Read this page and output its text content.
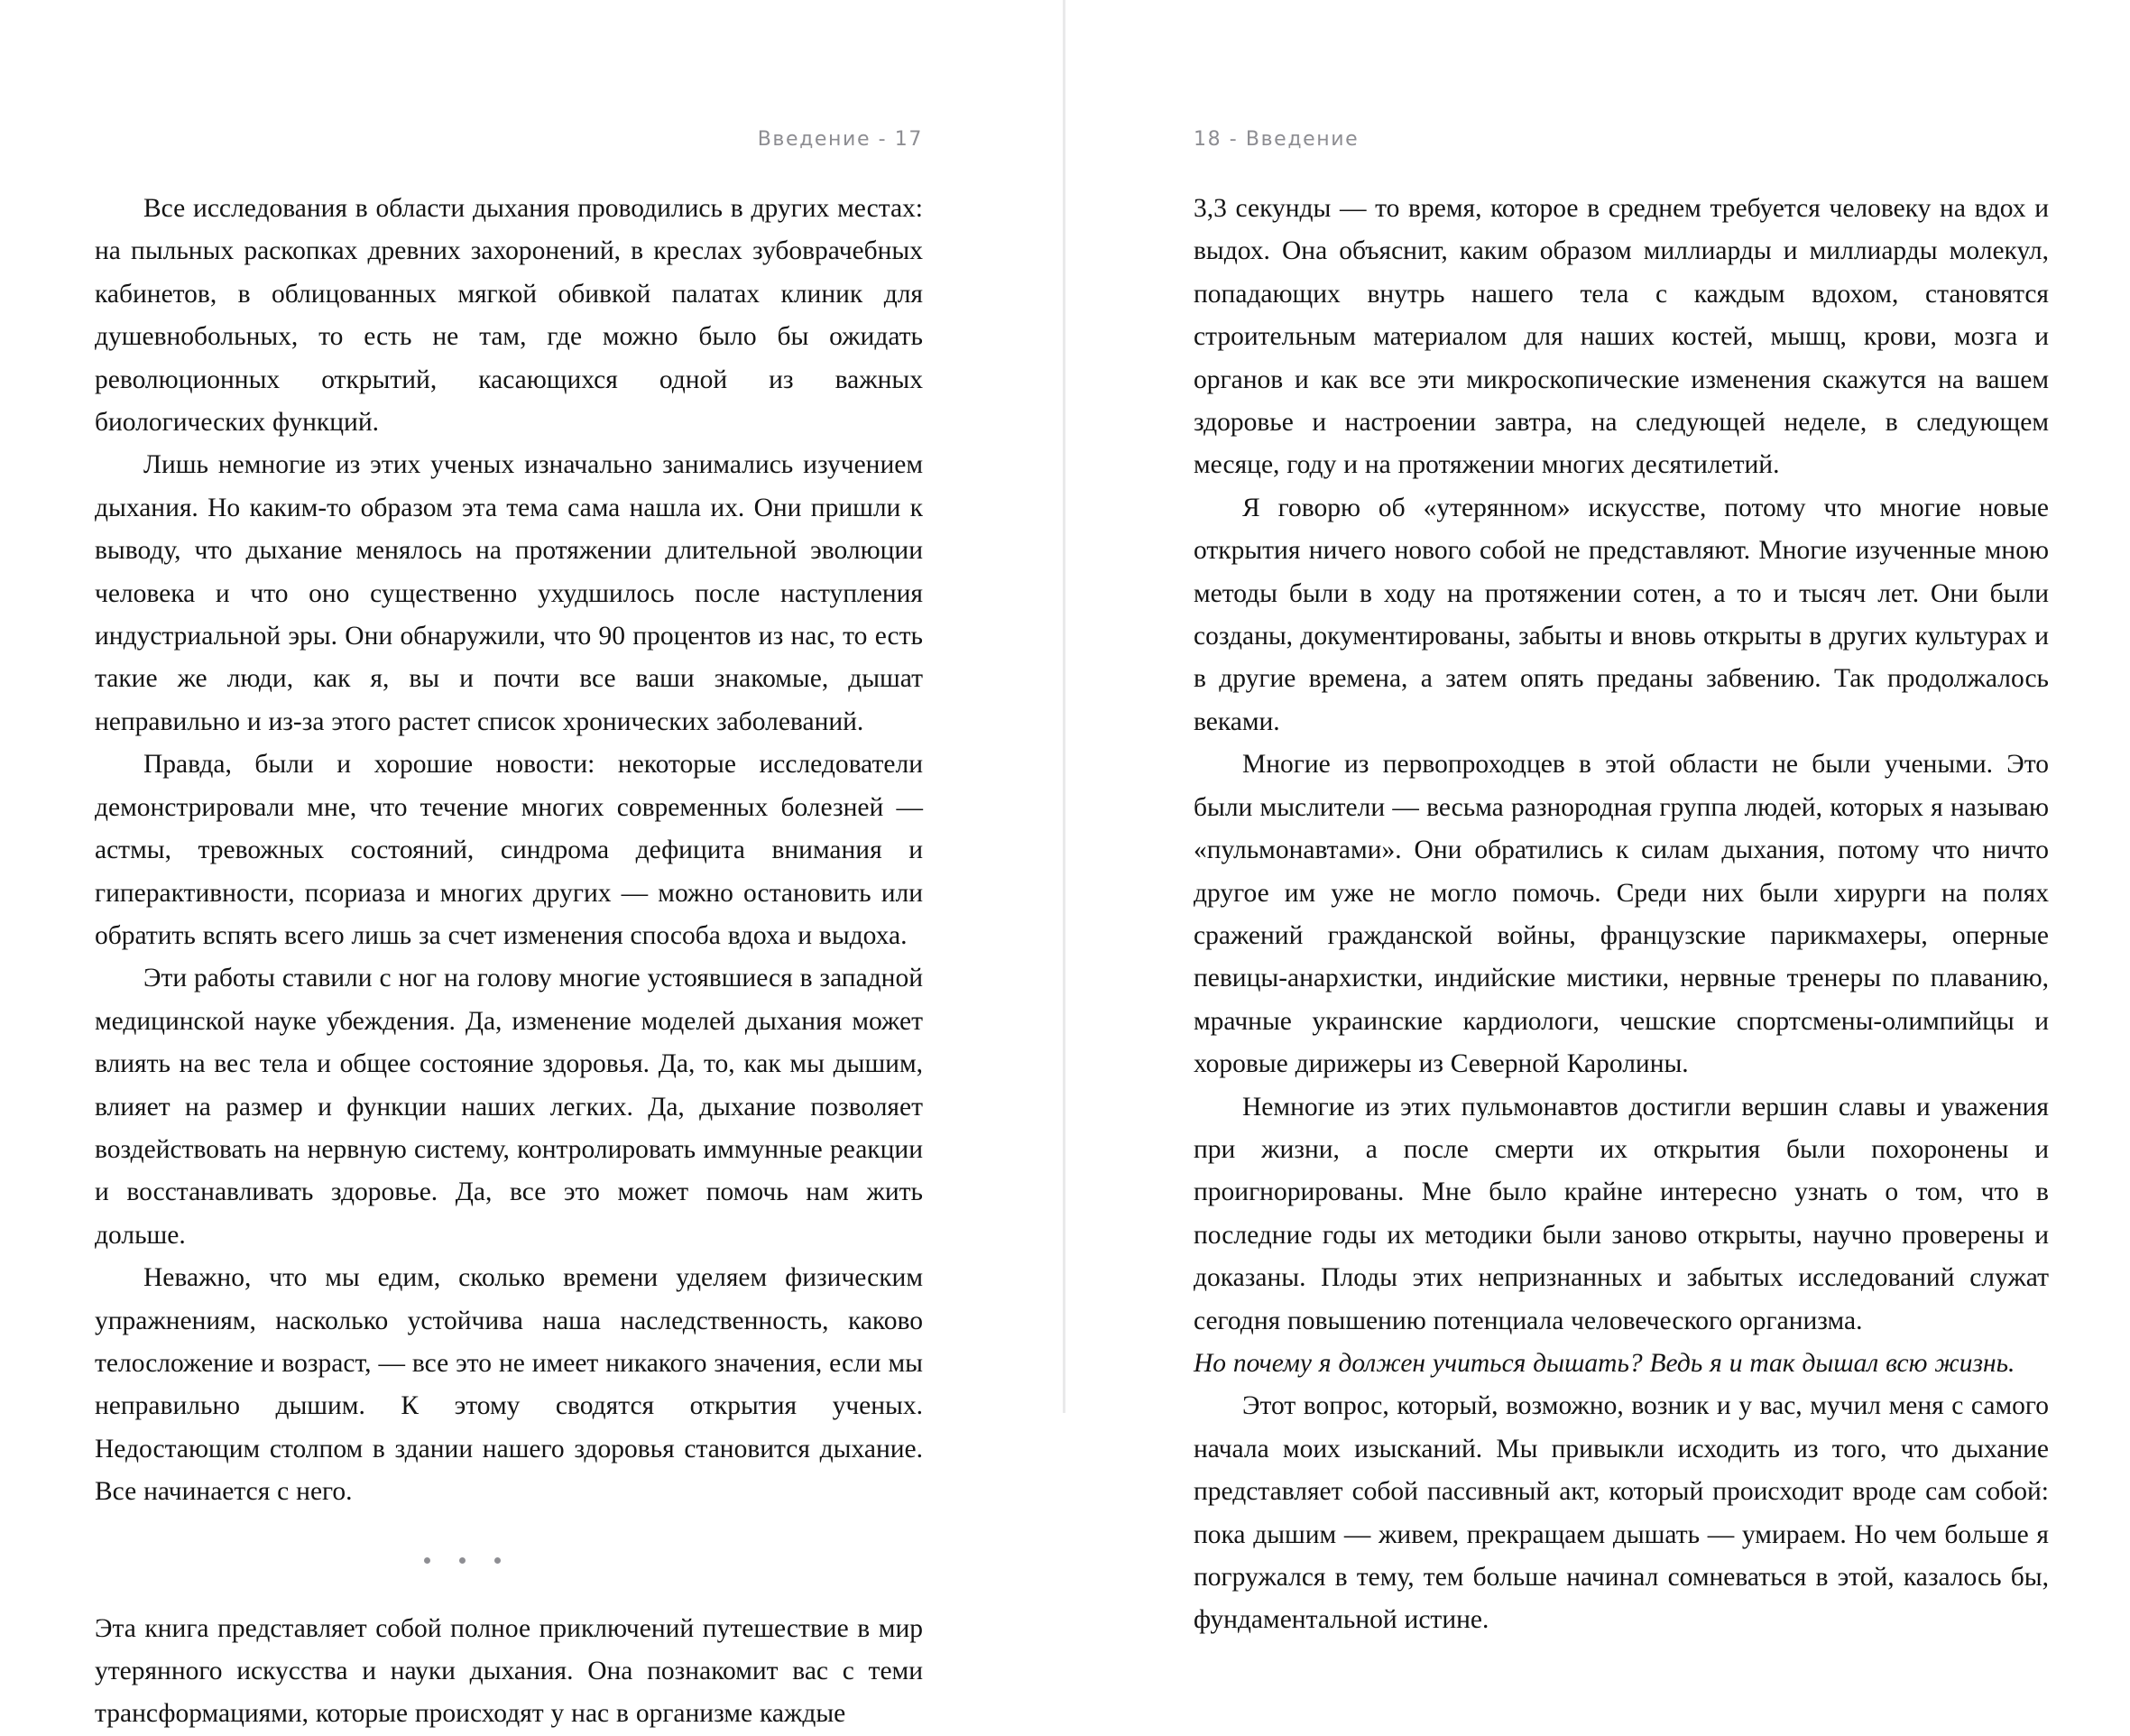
Введение - 17

Все исследования в области дыхания проводились в других местах: на пыльных раскопках древних захоронений, в креслах зубоврачебных кабинетов, в облицованных мягкой обивкой палатах клиник для душевнобольных, то есть не там, где можно было бы ожидать революционных открытий, касающихся одной из важных биологических функций.

Лишь немногие из этих ученых изначально занимались изучением дыхания. Но каким-то образом эта тема сама нашла их. Они пришли к выводу, что дыхание менялось на протяжении длительной эволюции человека и что оно существенно ухудшилось после наступления индустриальной эры. Они обнаружили, что 90 процентов из нас, то есть такие же люди, как я, вы и почти все ваши знакомые, дышат неправильно и из-за этого растет список хронических заболеваний.

Правда, были и хорошие новости: некоторые исследователи демонстрировали мне, что течение многих современных болезней — астмы, тревожных состояний, синдрома дефицита внимания и гиперактивности, псориаза и многих других — можно остановить или обратить вспять всего лишь за счет изменения способа вдоха и выдоха.

Эти работы ставили с ног на голову многие устоявшиеся в западной медицинской науке убеждения. Да, изменение моделей дыхания может влиять на вес тела и общее состояние здоровья. Да, то, как мы дышим, влияет на размер и функции наших легких. Да, дыхание позволяет воздействовать на нервную систему, контролировать иммунные реакции и восстанавливать здоровье. Да, все это может помочь нам жить дольше.

Неважно, что мы едим, сколько времени уделяем физическим упражнениям, насколько устойчива наша наследственность, каково телосложение и возраст, — все это не имеет никакого значения, если мы неправильно дышим. К этому сводятся открытия ученых. Недостающим столпом в здании нашего здоровья становится дыхание. Все начинается с него.

Эта книга представляет собой полное приключений путешествие в мир утерянного искусства и науки дыхания. Она познакомит вас с теми трансформациями, которые происходят у нас в организме каждые

18 - Введение

3,3 секунды — то время, которое в среднем требуется человеку на вдох и выдох. Она объяснит, каким образом миллиарды и миллиарды молекул, попадающих внутрь нашего тела с каждым вдохом, становятся строительным материалом для наших костей, мышц, крови, мозга и органов и как все эти микроскопические изменения скажутся на вашем здоровье и настроении завтра, на следующей неделе, в следующем месяце, году и на протяжении многих десятилетий.

Я говорю об «утерянном» искусстве, потому что многие новые открытия ничего нового собой не представляют. Многие изученные мною методы были в ходу на протяжении сотен, а то и тысяч лет. Они были созданы, документированы, забыты и вновь открыты в других культурах и в другие времена, а затем опять преданы забвению. Так продолжалось веками.

Многие из первопроходцев в этой области не были учеными. Это были мыслители — весьма разнородная группа людей, которых я называю «пульмонавтами». Они обратились к силам дыхания, потому что ничто другое им уже не могло помочь. Среди них были хирурги на полях сражений гражданской войны, французские парикмахеры, оперные певицы-анархистки, индийские мистики, нервные тренеры по плаванию, мрачные украинские кардиологи, чешские спортсмены-олимпийцы и хоровые дирижеры из Северной Каролины.

Немногие из этих пульмонавтов достигли вершин славы и уважения при жизни, а после смерти их открытия были похоронены и проигнорированы. Мне было крайне интересно узнать о том, что в последние годы их методики были заново открыты, научно проверены и доказаны. Плоды этих непризнанных и забытых исследований служат сегодня повышению потенциала человеческого организма.

Но почему я должен учиться дышать? Ведь я и так дышал всю жизнь.

Этот вопрос, который, возможно, возник и у вас, мучил меня с самого начала моих изысканий. Мы привыкли исходить из того, что дыхание представляет собой пассивный акт, который происходит вроде сам собой: пока дышим — живем, прекращаем дышать — умираем. Но чем больше я погружался в тему, тем больше начинал сомневаться в этой, казалось бы, фундаментальной истине.
